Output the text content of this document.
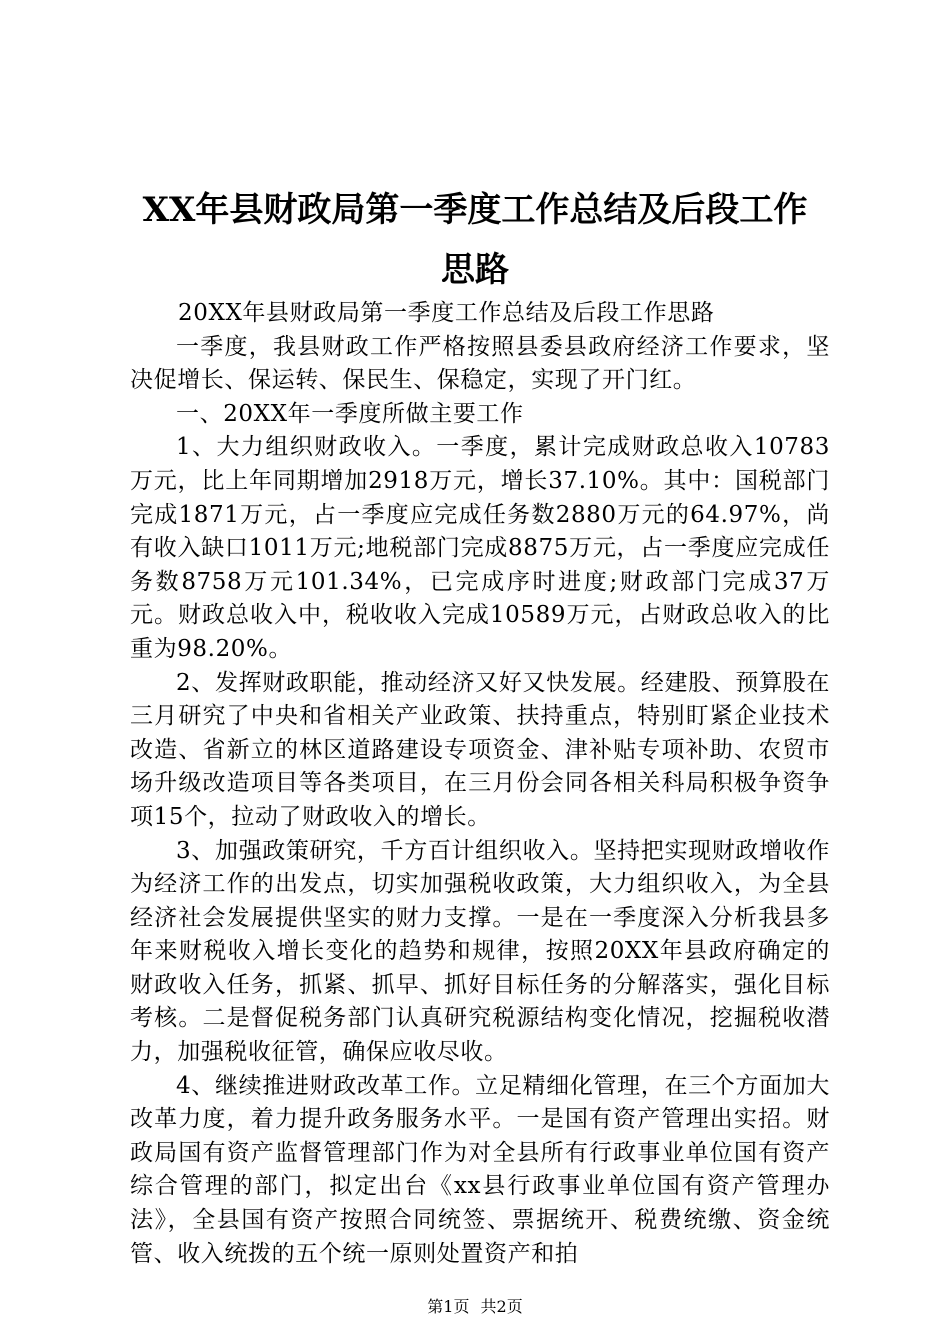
XX年县财政局第一季度工作总结及后段工作
思路

20XX年县财政局第一季度工作总结及后段工作思路

一季度，我县财政工作严格按照县委县政府经济工作要求，坚决促增长、保运转、保民生、保稳定，实现了开门红。

一、20XX年一季度所做主要工作

1、大力组织财政收入。一季度，累计完成财政总收入10783万元，比上年同期增加2918万元，增长37.10%。其中：国税部门完成1871万元，占一季度应完成任务数2880万元的64.97%，尚有收入缺口1011万元;地税部门完成8875万元，占一季度应完成任务数8758万元101.34%，已完成序时进度;财政部门完成37万元。财政总收入中，税收收入完成10589万元，占财政总收入的比重为98.20%。

2、发挥财政职能，推动经济又好又快发展。经建股、预算股在三月研究了中央和省相关产业政策、扶持重点，特别盯紧企业技术改造、省新立的林区道路建设专项资金、津补贴专项补助、农贸市场升级改造项目等各类项目，在三月份会同各相关科局积极争资争项15个，拉动了财政收入的增长。

3、加强政策研究，千方百计组织收入。坚持把实现财政增收作为经济工作的出发点，切实加强税收政策，大力组织收入，为全县经济社会发展提供坚实的财力支撑。一是在一季度深入分析我县多年来财税收入增长变化的趋势和规律，按照20XX年县政府确定的财政收入任务，抓紧、抓早、抓好目标任务的分解落实，强化目标考核。二是督促税务部门认真研究税源结构变化情况，挖掘税收潜力，加强税收征管，确保应收尽收。

4、继续推进财政改革工作。立足精细化管理，在三个方面加大改革力度，着力提升政务服务水平。一是国有资产管理出实招。财政局国有资产监督管理部门作为对全县所有行政事业单位国有资产综合管理的部门，拟定出台《xx县行政事业单位国有资产管理办法》，全县国有资产按照合同统签、票据统开、税费统缴、资金统管、收入统拨的五个统一原则处置资产和拍

第1页 共2页
